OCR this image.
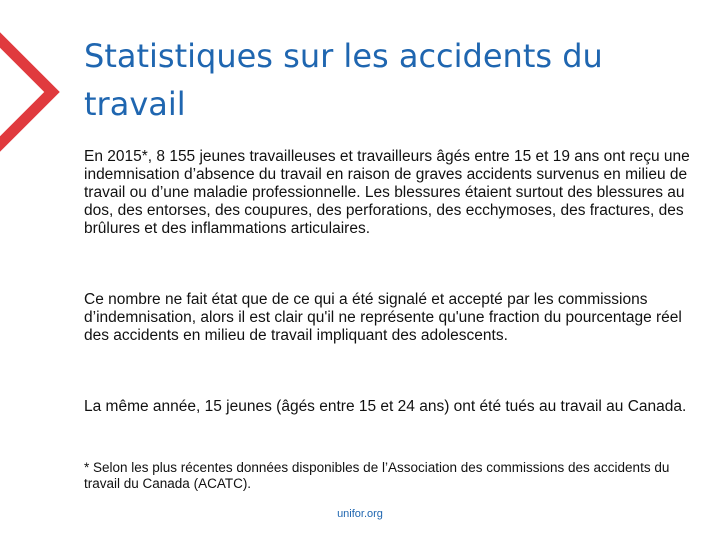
Statistiques sur les accidents du travail

En 2015*, 8 155 jeunes travailleuses et travailleurs âgés entre 15 et 19 ans ont reçu une indemnisation d’absence du travail en raison de graves accidents survenus en milieu de travail ou d’une maladie professionnelle. Les blessures étaient surtout des blessures au dos, des entorses, des coupures, des perforations, des ecchymoses, des fractures, des brûlures et des inflammations articulaires.

Ce nombre ne fait état que de ce qui a été signalé et accepté par les commissions d’indemnisation, alors il est clair qu'il ne représente qu'une fraction du pourcentage réel des accidents en milieu de travail impliquant des adolescents.

La même année, 15 jeunes (âgés entre 15 et 24 ans) ont été tués au travail au Canada.

* Selon les plus récentes données disponibles de l’Association des commissions des accidents du travail du Canada (ACATC).

unifor.org
